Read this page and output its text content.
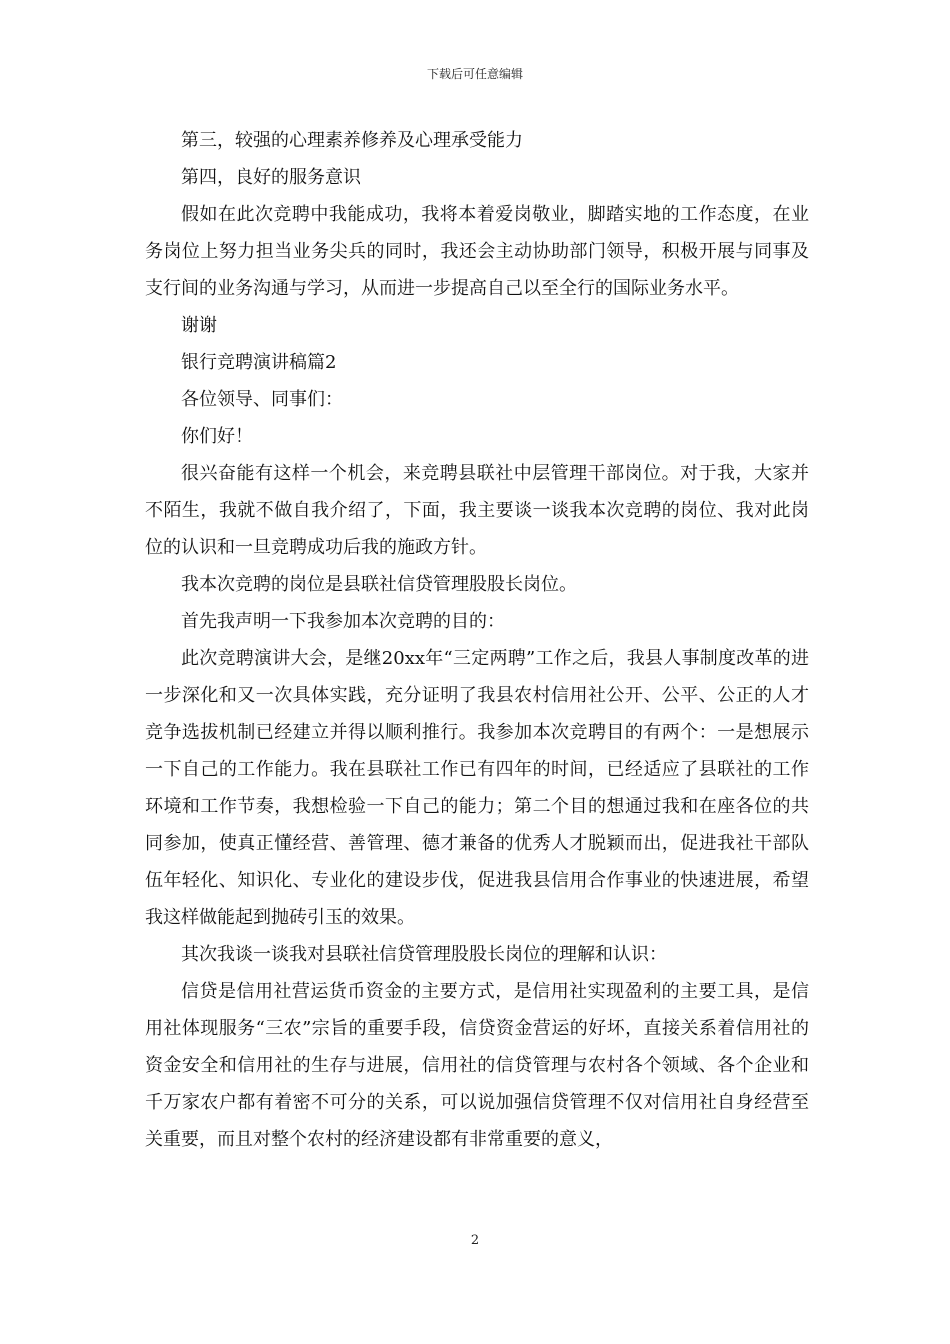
下载后可任意编辑

第三，较强的心理素养修养及心理承受能力

第四，良好的服务意识

假如在此次竞聘中我能成功，我将本着爱岗敬业，脚踏实地的工作态度，在业务岗位上努力担当业务尖兵的同时，我还会主动协助部门领导，积极开展与同事及支行间的业务沟通与学习，从而进一步提高自己以至全行的国际业务水平。

谢谢

银行竞聘演讲稿篇2

各位领导、同事们：

你们好！

很兴奋能有这样一个机会，来竞聘县联社中层管理干部岗位。对于我，大家并不陌生，我就不做自我介绍了，下面，我主要谈一谈我本次竞聘的岗位、我对此岗位的认识和一旦竞聘成功后我的施政方针。

我本次竞聘的岗位是县联社信贷管理股股长岗位。

首先我声明一下我参加本次竞聘的目的：

此次竞聘演讲大会，是继20xx年“三定两聘”工作之后，我县人事制度改革的进一步深化和又一次具体实践，充分证明了我县农村信用社公开、公平、公正的人才竞争选拔机制已经建立并得以顺利推行。我参加本次竞聘目的有两个：一是想展示一下自己的工作能力。我在县联社工作已有四年的时间，已经适应了县联社的工作环境和工作节奏，我想检验一下自己的能力；第二个目的想通过我和在座各位的共同参加，使真正懂经营、善管理、德才兼备的优秀人才脱颖而出，促进我社干部队伍年轻化、知识化、专业化的建设步伐，促进我县信用合作事业的快速进展，希望我这样做能起到抛砖引玉的效果。

其次我谈一谈我对县联社信贷管理股股长岗位的理解和认识：

信贷是信用社营运货币资金的主要方式，是信用社实现盈利的主要工具，是信用社体现服务“三农”宗旨的重要手段，信贷资金营运的好坏，直接关系着信用社的资金安全和信用社的生存与进展，信用社的信贷管理与农村各个领域、各个企业和千万家农户都有着密不可分的关系，可以说加强信贷管理不仅对信用社自身经营至关重要，而且对整个农村的经济建设都有非常重要的意义，

2
